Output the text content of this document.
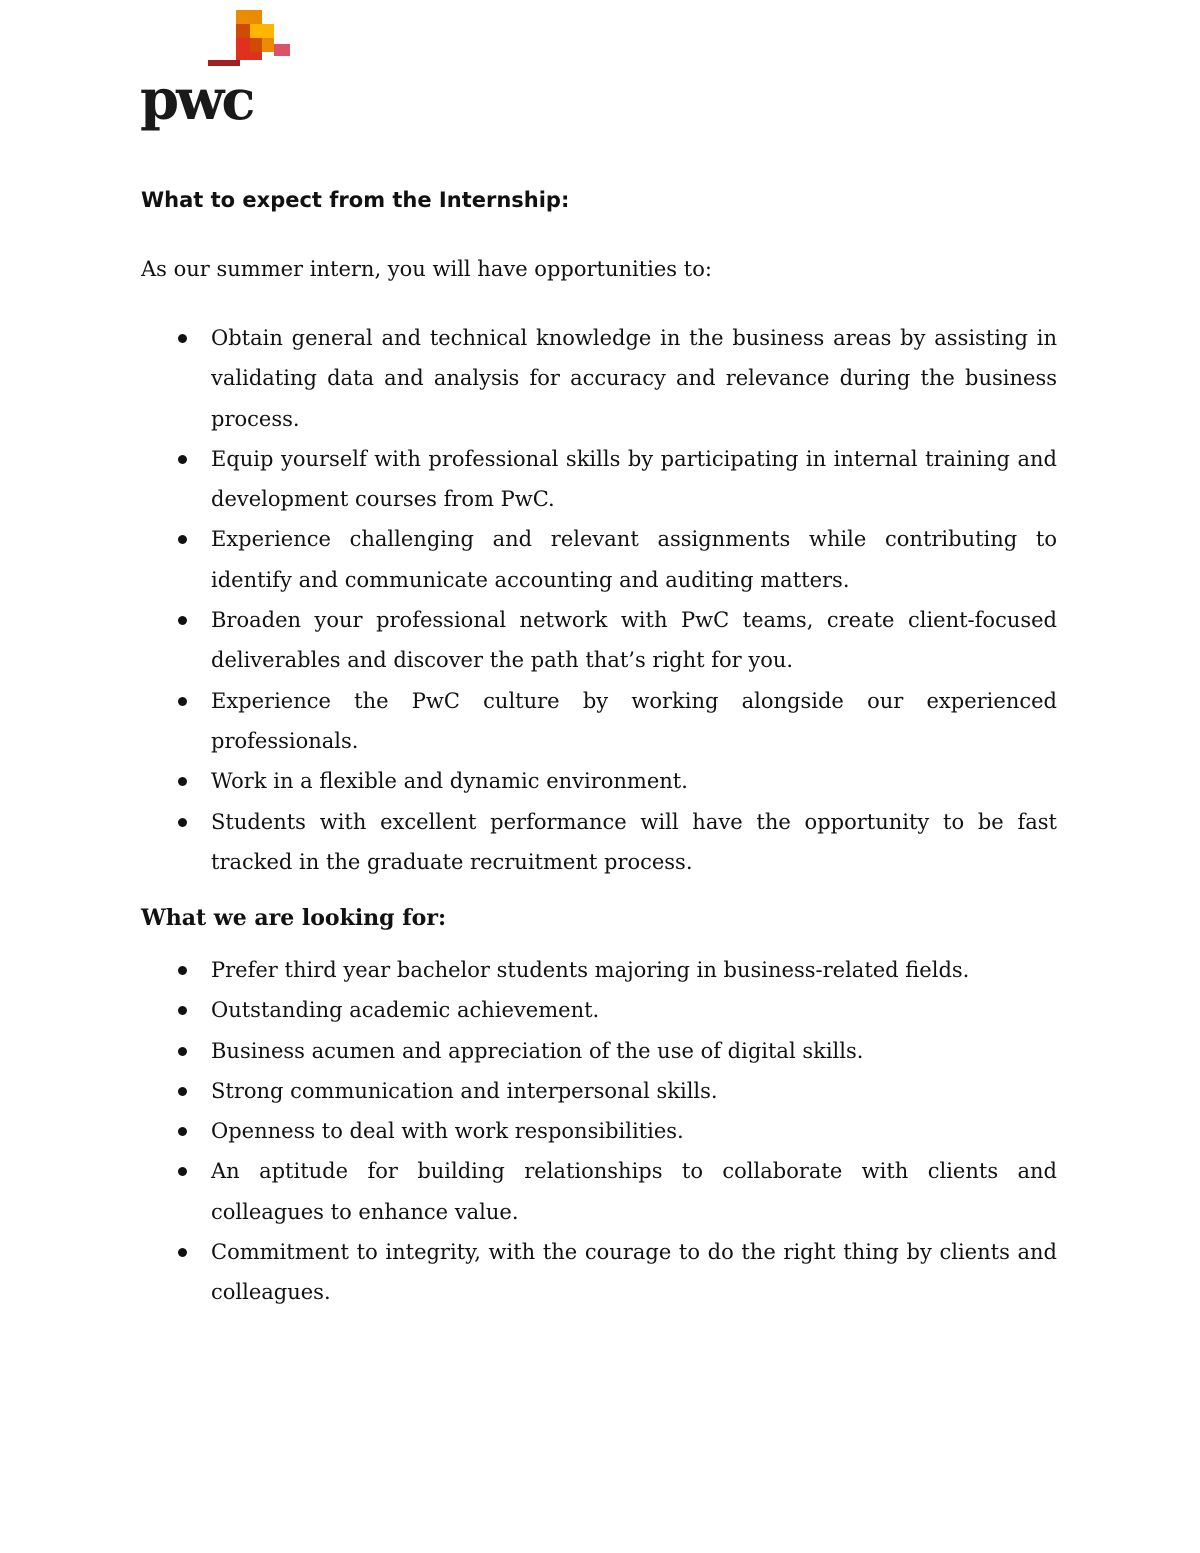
pwc
What to expect from the Internship:

As our summer intern, you will have opportunities to:

Obtain general and technical knowledge in the business areas by assisting in validating data and analysis for accuracy and relevance during the business process.
Equip yourself with professional skills by participating in internal training and development courses from PwC.
Experience challenging and relevant assignments while contributing to identify and communicate accounting and auditing matters.
Broaden your professional network with PwC teams, create client-focused deliverables and discover the path that’s right for you.
Experience the PwC culture by working alongside our experienced professionals.
Work in a flexible and dynamic environment.
Students with excellent performance will have the opportunity to be fast tracked in the graduate recruitment process.
What we are looking for:
Prefer third year bachelor students majoring in business-related fields.
Outstanding academic achievement.
Business acumen and appreciation of the use of digital skills.
Strong communication and interpersonal skills.
Openness to deal with work responsibilities.
An aptitude for building relationships to collaborate with clients and colleagues to enhance value.
Commitment to integrity, with the courage to do the right thing by clients and colleagues.
